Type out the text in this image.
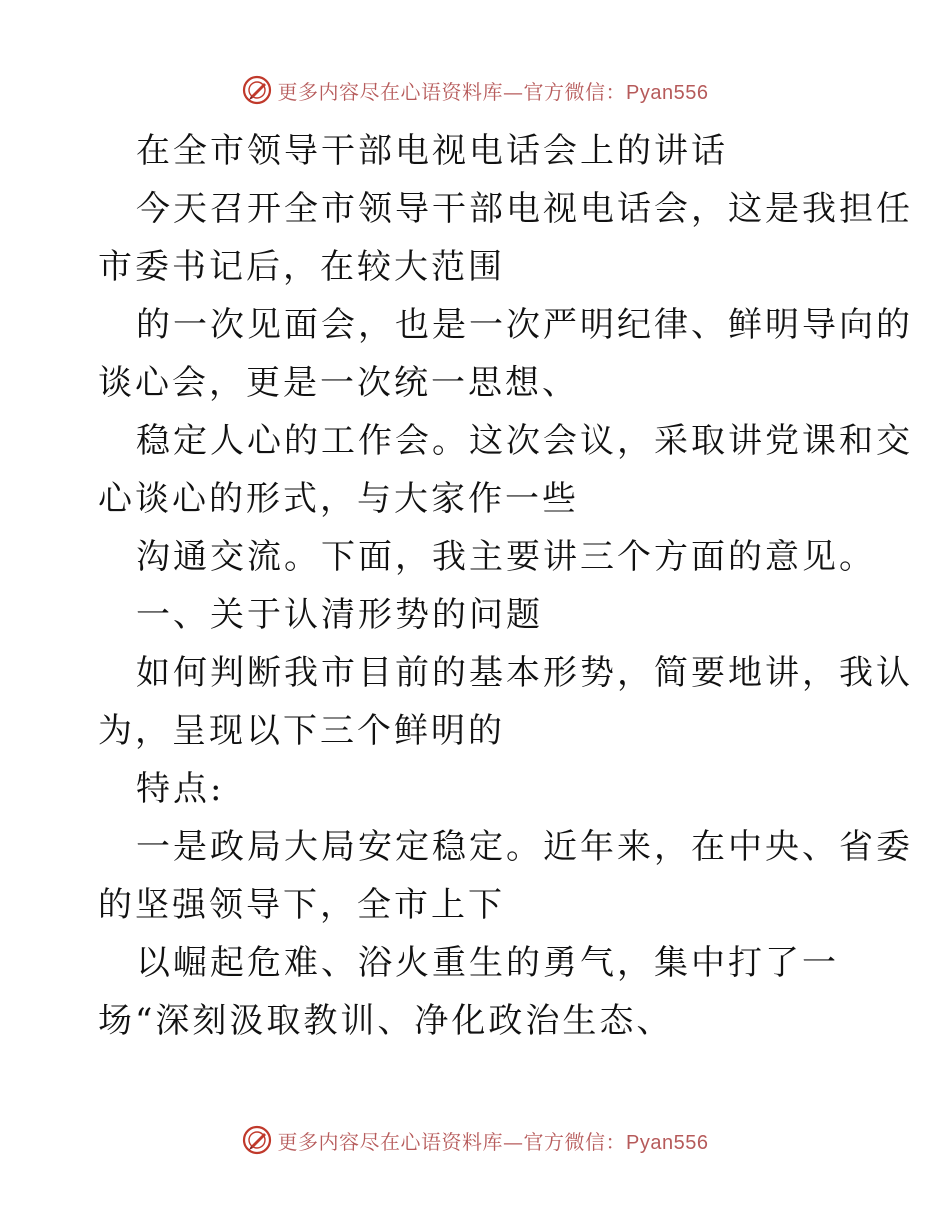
更多内容尽在心语资料库—官方微信：Pyan556
在全市领导干部电视电话会上的讲话
今天召开全市领导干部电视电话会，这是我担任
市委书记后，在较大范围
的一次见面会，也是一次严明纪律、鲜明导向的
谈心会，更是一次统一思想、
稳定人心的工作会。这次会议，采取讲党课和交
心谈心的形式，与大家作一些
沟通交流。下面，我主要讲三个方面的意见。
一、关于认清形势的问题
如何判断我市目前的基本形势，简要地讲，我认
为，呈现以下三个鲜明的
特点:
一是政局大局安定稳定。近年来，在中央、省委
的坚强领导下，全市上下
以崛起危难、浴火重生的勇气，集中打了一
场“深刻汲取教训、净化政治生态、
更多内容尽在心语资料库—官方微信：Pyan556
